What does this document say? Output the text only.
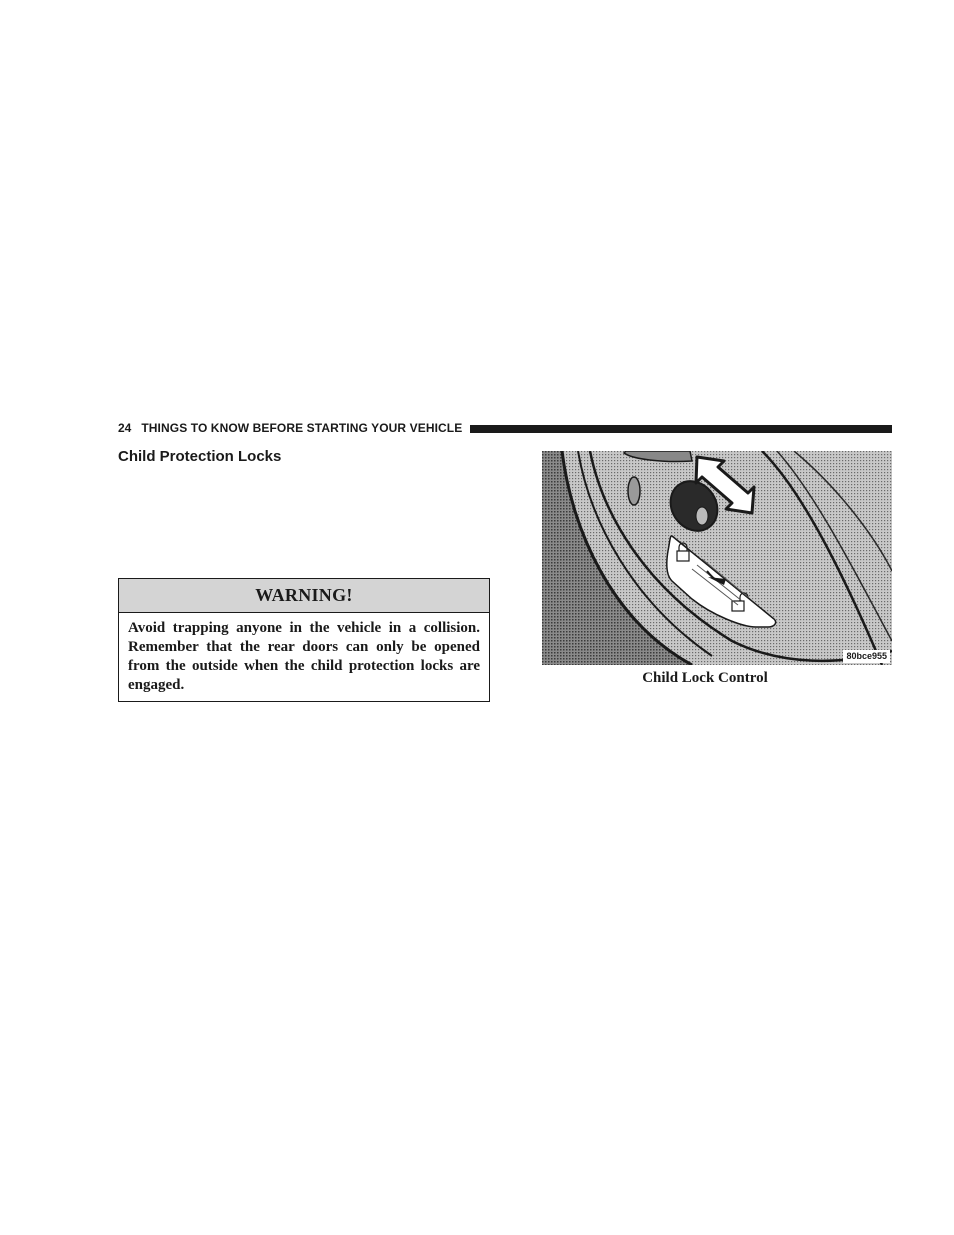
24 THINGS TO KNOW BEFORE STARTING YOUR VEHICLE
Child Protection Locks
WARNING!
Avoid trapping anyone in the vehicle in a collision. Remember that the rear doors can only be opened from the outside when the child protection locks are engaged.
80bce955
Child Lock Control
